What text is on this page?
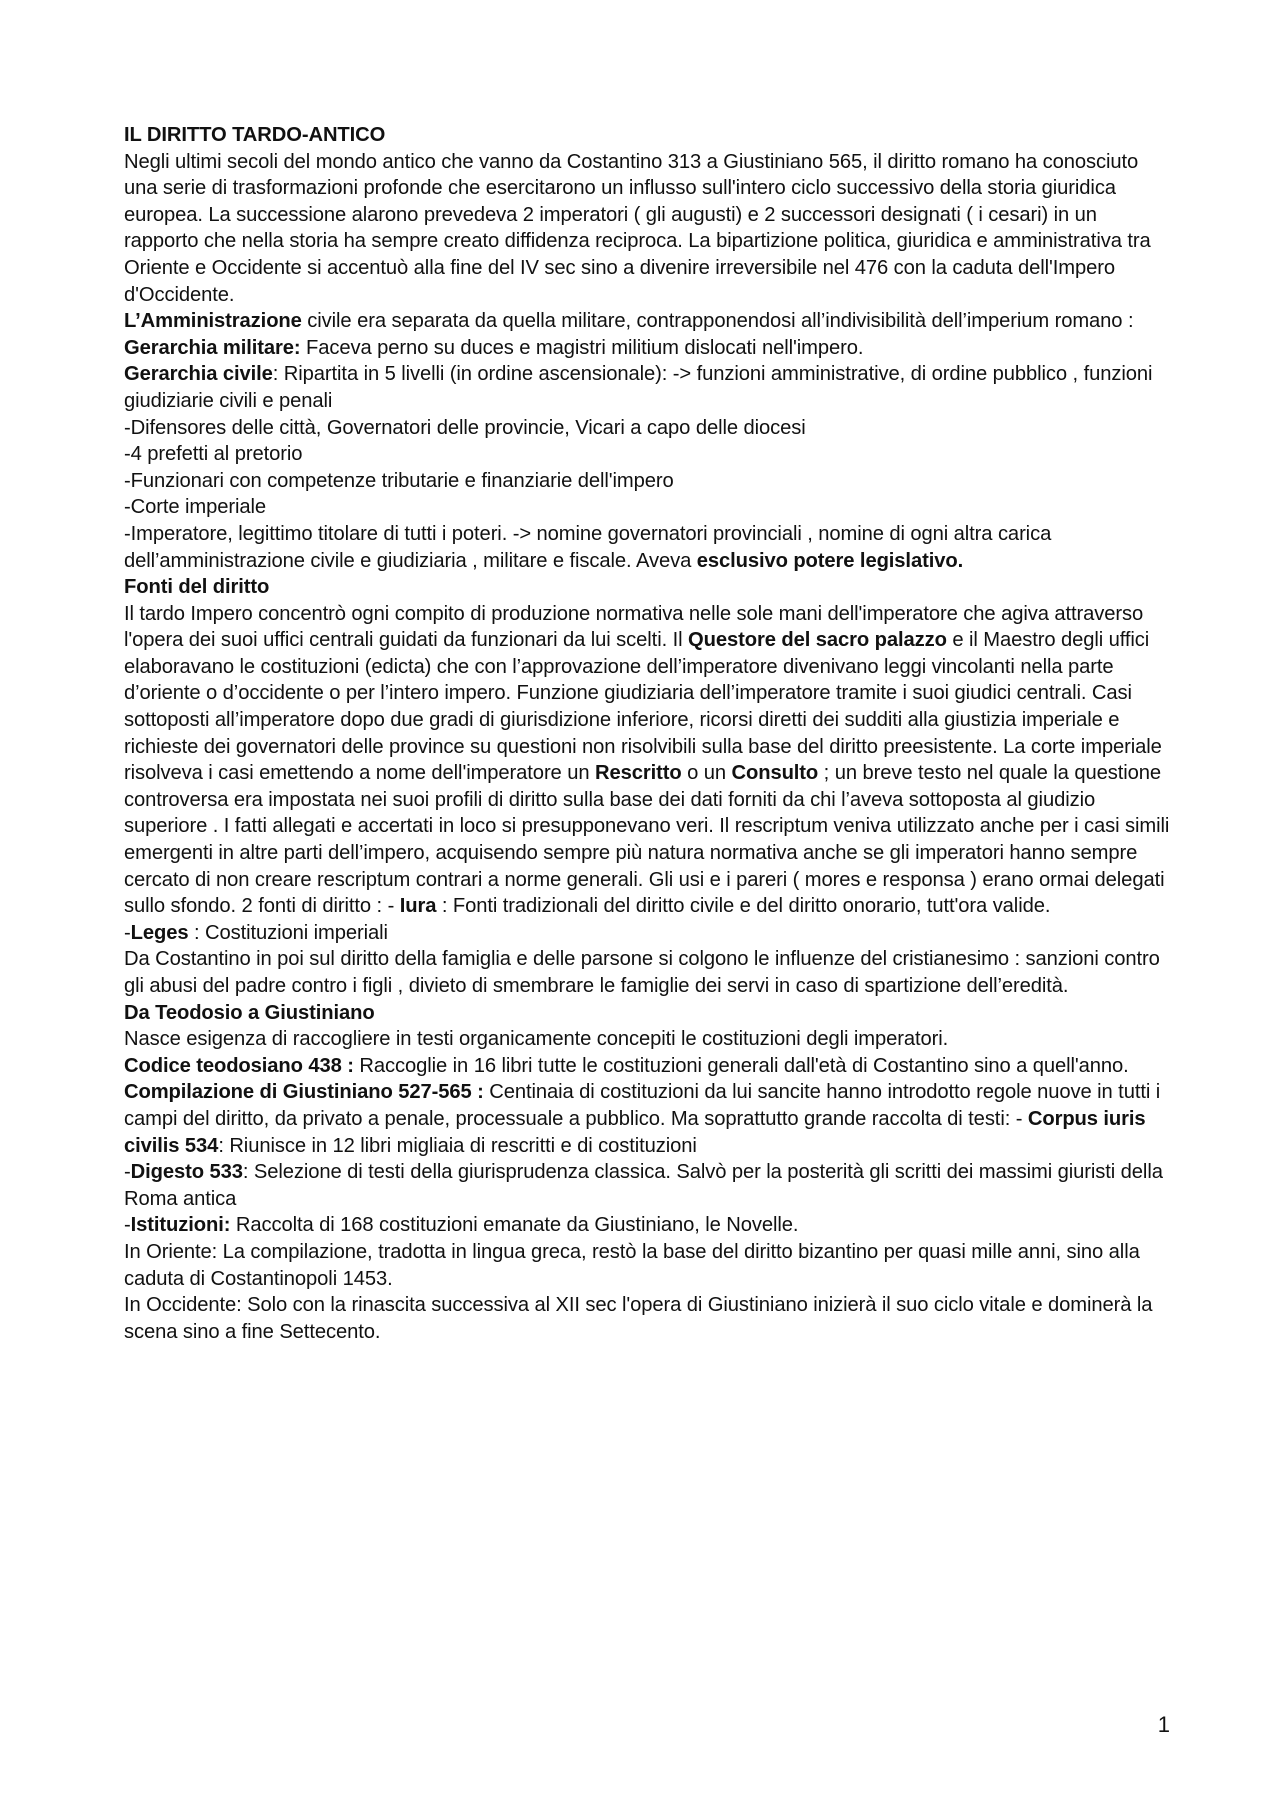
IL DIRITTO TARDO-ANTICO

Negli ultimi secoli del mondo antico che vanno da Costantino 313 a Giustiniano 565, il diritto romano ha conosciuto una serie di trasformazioni profonde che esercitarono un influsso sull'intero ciclo successivo della storia giuridica europea. La successione alarono prevedeva 2 imperatori ( gli augusti) e 2 successori designati ( i cesari) in un rapporto che nella storia ha sempre creato diffidenza reciproca. La bipartizione politica, giuridica e amministrativa tra Oriente e Occidente si accentuò alla fine del IV sec sino a divenire irreversibile nel 476 con la caduta dell'Impero d'Occidente.

L’Amministrazione civile era separata da quella militare, contrapponendosi all’indivisibilità dell’imperium romano :

Gerarchia militare: Faceva perno su duces e magistri militium dislocati nell'impero.

Gerarchia civile: Ripartita in 5 livelli (in ordine ascensionale): -> funzioni amministrative, di ordine pubblico , funzioni giudiziarie civili e penali

-Difensores delle città, Governatori delle provincie, Vicari a capo delle diocesi

-4 prefetti al pretorio

-Funzionari con competenze tributarie e finanziarie dell'impero

-Corte imperiale

-Imperatore, legittimo titolare di tutti i poteri. -> nomine governatori provinciali , nomine di ogni altra carica dell’amministrazione civile e giudiziaria , militare e fiscale. Aveva esclusivo potere legislativo.

Fonti del diritto

Il tardo Impero concentrò ogni compito di produzione normativa nelle sole mani dell'imperatore che agiva attraverso l'opera dei suoi uffici centrali guidati da funzionari da lui scelti. Il Questore del sacro palazzo e il Maestro degli uffici elaboravano le costituzioni (edicta) che con l’approvazione dell’imperatore divenivano leggi vincolanti nella parte d’oriente o d’occidente o per l’intero impero. Funzione giudiziaria dell’imperatore tramite i suoi giudici centrali. Casi sottoposti all’imperatore dopo due gradi di giurisdizione inferiore, ricorsi diretti dei sudditi alla giustizia imperiale e richieste dei governatori delle province su questioni non risolvibili sulla base del diritto preesistente. La corte imperiale risolveva i casi emettendo a nome dell'imperatore un Rescritto o un Consulto ; un breve testo nel quale la questione controversa era impostata nei suoi profili di diritto sulla base dei dati forniti da chi l’aveva sottoposta al giudizio superiore . I fatti allegati e accertati in loco si presupponevano veri. Il rescriptum veniva utilizzato anche per i casi simili emergenti in altre parti dell’impero, acquisendo sempre più natura normativa anche se gli imperatori hanno sempre cercato di non creare rescriptum contrari a norme generali. Gli usi e i pareri ( mores e responsa ) erano ormai delegati sullo sfondo. 2 fonti di diritto : - Iura : Fonti tradizionali del diritto civile e del diritto onorario, tutt'ora valide.

-Leges : Costituzioni imperiali

Da Costantino in poi sul diritto della famiglia e delle parsone si colgono le influenze del cristianesimo : sanzioni contro gli abusi del padre contro i figli , divieto di smembrare le famiglie dei servi in caso di spartizione dell’eredità.

Da Teodosio a Giustiniano

Nasce esigenza di raccogliere in testi organicamente concepiti le costituzioni degli imperatori.

Codice teodosiano 438 : Raccoglie in 16 libri tutte le costituzioni generali dall'età di Costantino sino a quell'anno.

Compilazione di Giustiniano 527-565 : Centinaia di costituzioni da lui sancite hanno introdotto regole nuove in tutti i campi del diritto, da privato a penale, processuale a pubblico. Ma soprattutto grande raccolta di testi: - Corpus iuris civilis 534: Riunisce in 12 libri migliaia di rescritti e di costituzioni

-Digesto 533: Selezione di testi della giurisprudenza classica. Salvò per la posterità gli scritti dei massimi giuristi della Roma antica

-Istituzioni: Raccolta di 168 costituzioni emanate da Giustiniano, le Novelle.

In Oriente: La compilazione, tradotta in lingua greca, restò la base del diritto bizantino per quasi mille anni, sino alla caduta di Costantinopoli 1453.

In Occidente: Solo con la rinascita successiva al XII sec l'opera di Giustiniano inizierà il suo ciclo vitale e dominerà la scena sino a fine Settecento.

1
